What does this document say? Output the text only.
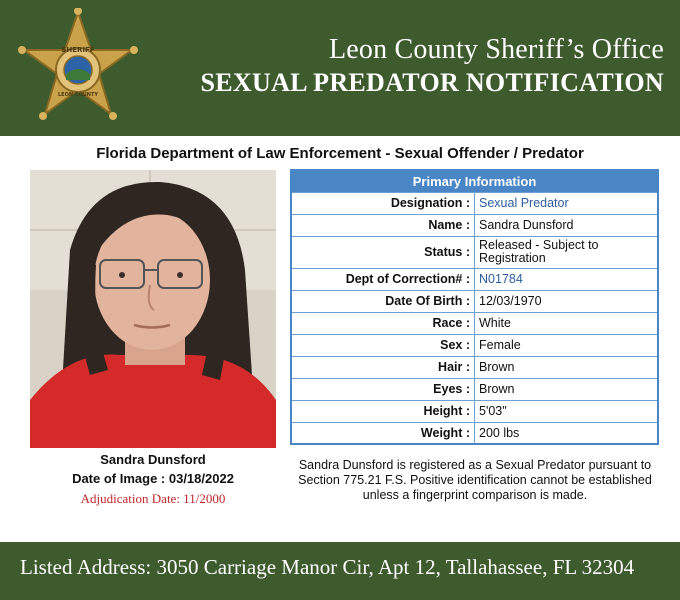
SHERIFF
LEON COUNTY
Leon County Sheriff’s Office
SEXUAL PREDATOR NOTIFICATION
Florida Department of Law Enforcement - Sexual Offender / Predator
Sandra Dunsford
Date of Image : 03/18/2022
Adjudication Date: 11/2000
Primary Information	
Designation :	Sexual Predator
Name :	Sandra Dunsford
Status :	Released - Subject to Registration
Dept of Correction# :	N01784
Date Of Birth :	12/03/1970
Race :	White
Sex :	Female
Hair :	Brown
Eyes :	Brown
Height :	5'03"
Weight :	200 lbs
Sandra Dunsford is registered as a Sexual Predator pursuant to Section 775.21 F.S. Positive identification cannot be established unless a fingerprint comparison is made.
Listed Address: 3050 Carriage Manor Cir, Apt 12, Tallahassee, FL 32304
